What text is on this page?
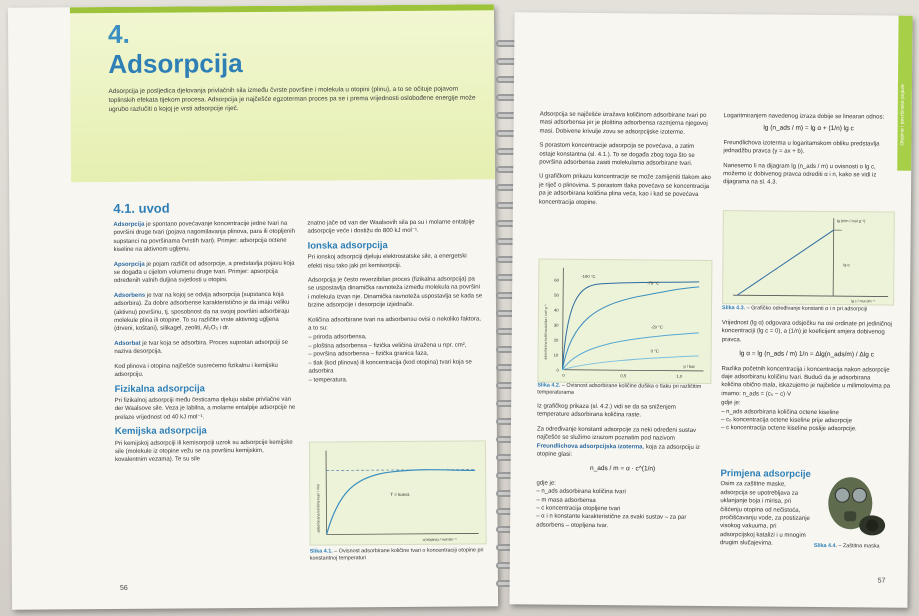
4.
Adsorpcija
Adsorpcija je posljedica djelovanja privlačnih sila između čvrste površine i molekula u otopini (plinu), a to se očituje pojavom toplinskih efekata tijekom procesa. Adsorpcija je najčešće egzoterman proces pa se i prema vrijednosti oslobođene energije može ugrubo razlučiti o kojoj je vrsti adsorpcije riječ.
4.1. uvod

Adsorpcija je spontano povećavanje koncentracije jedne tvari na površini druge tvari (pojava nagomilavanja plinova, para ili otopljenih supstanci na površinama čvrstih tvari). Primjer: adsorpcija octene kiseline na aktivnom ugljenu.

Apsorpcija je pojam različit od adsorpcije, a predstavlja pojavu koja se događa u cijelom volumenu druge tvari. Primjer: apsorpcija određenih valnih duljina svjetlosti u otopini.

Adsorbens je tvar na kojoj se odvija adsorpcija (supstanca koja adsorbira). Za dobre adsorbense karakteristično je da imaju veliku (aktivnu) površinu, tj. sposobnost da na svojoj površini adsorbiraju molekule plina ili otopine. To su različite vrste aktivnog ugljena (drveni, koštani), silikagel, zeoliti, Al₂O₃ i dr.

Adsorbat je tvar koja se adsorbira. Proces suprotan adsorpciji se naziva desorpcija.

Kod plinova i otopina najčešće susrećemo fizikalnu i kemijsku adsorpciju.

Fizikalna adsorpcija

Pri fizikalnoj adsorpciji među česticama djeluju slabe privlačne van der Waalsove sile. Veza je labilna, a molarne entalpije adsorpcije ne prelaze vrijednost od 40 kJ mol⁻¹.

Kemijska adsorpcija

Pri kemijskoj adsorpciji ili kemisorpciji uzrok su adsorpcije kemijske sile (molekule iz otopine vežu se na površinu kemijskim, kovalentnim vezama). Te su sile

znatno jače od van der Waalsovih sila pa su i molarne entalpije adsorpcije veće i dostižu do 800 kJ mol⁻¹.

Ionska adsorpcija

Pri ionskoj adsorpciji djeluju elektrostatske sile, a energetski efekti nisu tako jaki pri kemisorpciji.

Adsorpcija je često reverzibilan proces (fizikalna adsorpcija) pa se uspostavlja dinamička ravnoteža između molekula na površini i molekula izvan nje. Dinamička ravnoteža uspostavlja se kada se brzine adsorpcije i desorpcije izjednače.

Količina adsorbirane tvari na adsorbensu ovisi o nekoliko faktora, a to su:

– priroda adsorbensa,
– ploština adsorbensa – fizička veličina izražena u npr. cm²,
– površina adsorbensa – fizička granica faza,
– tlak (kod plinova) ili koncentracija (kod otopina) tvari koja se adsorbira
– temperatura.
T = konst.
adsorbirana količina tvari / mol
c(otopina) / mol dm⁻³
Slika 4.1. – Ovisnost adsorbirane količine tvari o koncentraciji otopine pri konstantnoj temperaturi
56
Otopine i površinske pojave

Adsorpcija se najčešće izražava količinom adsorbirane tvari po masi adsorbensa jer je ploština adsorbensa razmjerna njegovoj masi. Dobivene krivulje zovu se adsorpcijske izoterme.

S porastom koncentracije adsorpcija se povećava, a zatim ostaje konstantna (sl. 4.1.). To se događa zbog toga što se površina adsorbensa zasiti molekulama adsorbirane tvari.

U grafičkom prikazu koncentracije se može zamijeniti tlakom ako je riječ o plinovima. S porastom tlaka povećava se koncentracija pa je adsorbirana količina plina veća, kao i kad se povećava koncentracija otopine.

60
50
40
30
20
10
0
0	0,5	1,0
-190 °C
-78 °C
-29 °C
0 °C
adsorbirana količina dušika / cm³ g⁻¹
p / bar
Slika 4.2. – Ovisnost adsorbirane količine dušika o tlaku pri različitim temperaturama

Iz grafičkog prikaza (sl. 4.2.) vidi se da sa sniženjem temperature adsorbirana količina raste.

Za određivanje konstanti adsorpcije za neki određeni sustav najčešće se služimo izrazom poznatim pod nazivom Freundlichova adsorpcijska izoterma, koja za adsorpciju iz otopine glasi:

n_ads / m = α · c^(1/n)
gdje je:
– n_ads adsorbirana količina tvari
– m masa adsorbensa
– c koncentracija otopljene tvari
– α i n konstante karakteristične za svaki sustav – za par adsorbens – otopljena tvar.

Logaritmiranjem navedenog izraza dobije se linearan odnos:

lg (n_ads / m) = lg α + (1/n) lg c

Freundlichova izoterma u logaritamskom obliku predstavlja jednadžbu pravca (y = ax + b).

Nanesemo li na dijagram lg (n_ads / m) u ovisnosti o lg c, možemo iz dobivenog pravca odrediti α i n, kako se vidi iz dijagrama na sl. 4.3.

lg (n/m / mol g⁻¹)
lg α
lg c / mol dm⁻³
Slika 4.3. – Grafičko određivanje konstanti α i n pri adsorpciji

Vrijednost (lg α) odgovara odsječku na osi ordinate pri jediničnoj koncentraciji (lg c = 0), a (1/n) je koeficijent smjera dobivenog pravca.

lg α = lg (n_ads / m) 1/n = Δlg(n_ads/m) / Δlg c

Razlika početnih koncentracija i koncentracija nakon adsorpcije daje adsorbiranu količinu tvari. Budući da je adsorbirana količina obično mala, iskazujemo je najčešće u milimolovima pa imamo: n_ads = (c₀ − c)·V

gdje je:
– n_ads adsorbirana količina octene kiseline
– c₀ koncentracija octene kiseline prije adsorpcije
– c koncentracija octene kiseline poslije adsorpcije.
Primjena adsorpcije

Osim za zaštitne maske, adsorpcija se upotrebljava za uklanjanje boja i mirisa, pri čišćenju otopina od nečistoća, pročišćavanju vode, za postizanje visokog vakuuma, pri adsorpcijskoj katalizi i u mnogim drugim slučajevima.	Slika 4.4. – Zaštitna maska
57
